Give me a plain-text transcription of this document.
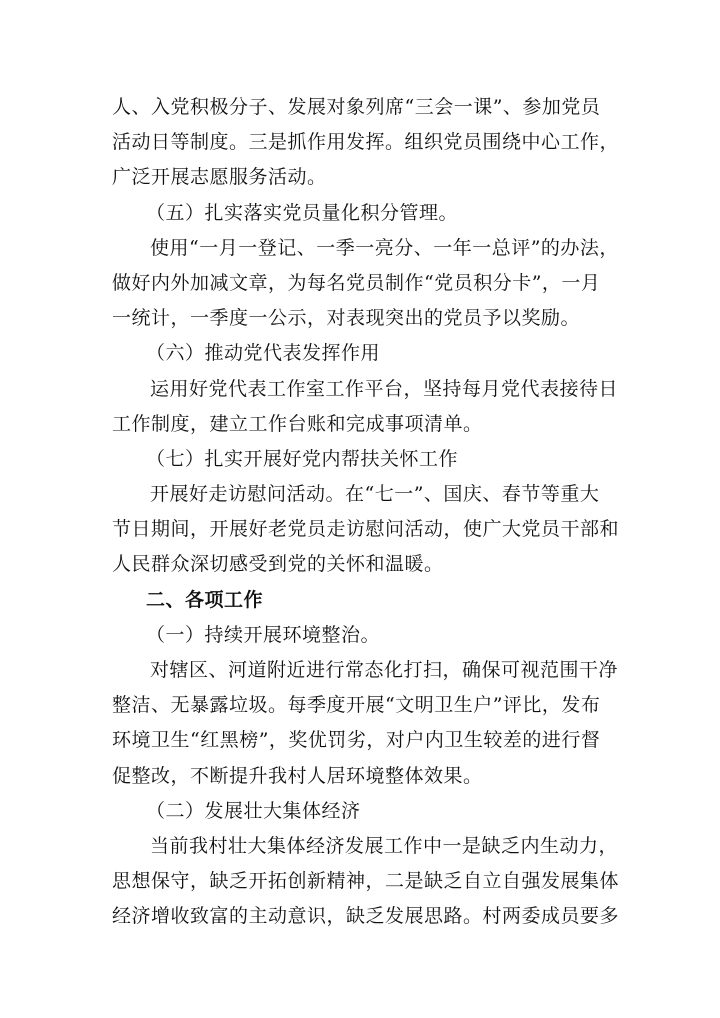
人、入党积极分子、发展对象列席“三会一课”、参加党员
活动日等制度。三是抓作用发挥。组织党员围绕中心工作，
广泛开展志愿服务活动。
（五）扎实落实党员量化积分管理。
使用“一月一登记、一季一亮分、一年一总评”的办法，
做好内外加减文章，为每名党员制作“党员积分卡”，一月
一统计，一季度一公示，对表现突出的党员予以奖励。
（六）推动党代表发挥作用
运用好党代表工作室工作平台，坚持每月党代表接待日
工作制度，建立工作台账和完成事项清单。
（七）扎实开展好党内帮扶关怀工作
开展好走访慰问活动。在“七一”、国庆、春节等重大
节日期间，开展好老党员走访慰问活动，使广大党员干部和
人民群众深切感受到党的关怀和温暖。
二、各项工作
（一）持续开展环境整治。
对辖区、河道附近进行常态化打扫，确保可视范围干净
整洁、无暴露垃圾。每季度开展“文明卫生户”评比，发布
环境卫生“红黑榜”，奖优罚劣，对户内卫生较差的进行督
促整改，不断提升我村人居环境整体效果。
（二）发展壮大集体经济
当前我村壮大集体经济发展工作中一是缺乏内生动力，
思想保守，缺乏开拓创新精神，二是缺乏自立自强发展集体
经济增收致富的主动意识，缺乏发展思路。村两委成员要多
